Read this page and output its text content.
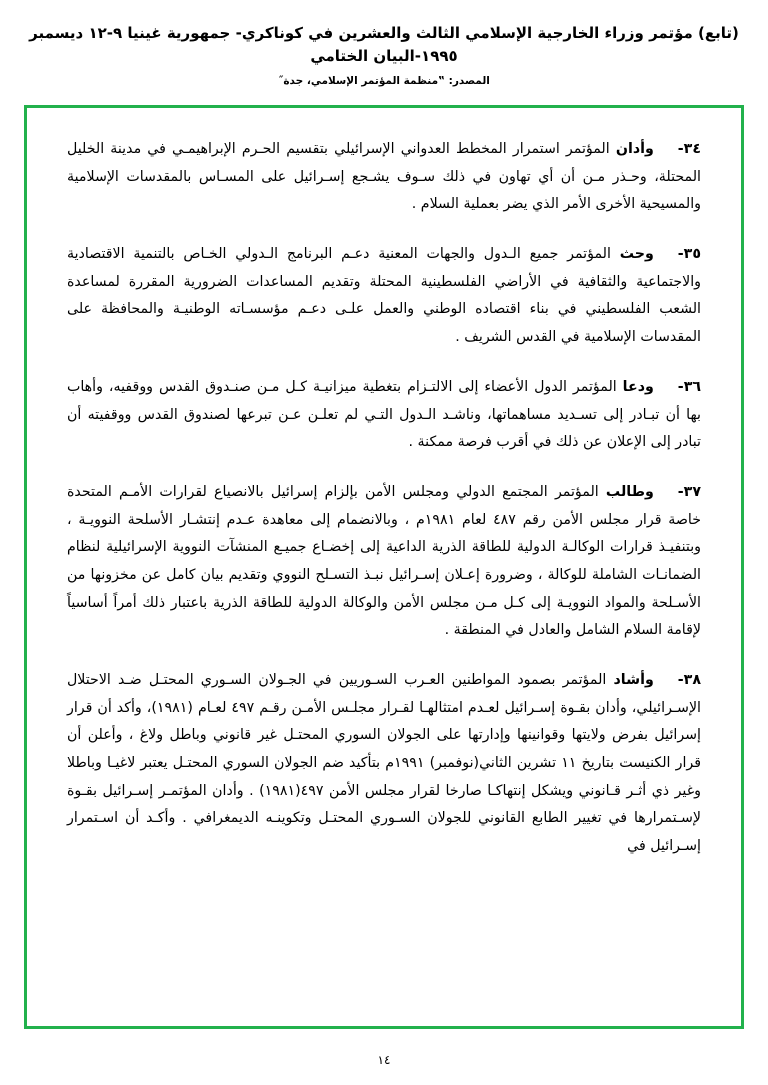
(تابع) مؤتمر وزراء الخارجية الإسلامي الثالث والعشرين في كوناكري- جمهورية غينيا ٩-١٢ ديسمبر ١٩٩٥-البيان الختامي
المصدر: ‟منظمة المؤتمر الإسلامي، جدة˝

٣٤-وأدان المؤتمر استمرار المخطط العدواني الإسرائيلي بتقسيم الحـرم الإبراهيمـي في مدينة الخليل المحتلة، وحـذر مـن أن أي تهاون في ذلك سـوف يشـجع إسـرائيل على المسـاس بالمقدسات الإسلامية والمسيحية الأخرى الأمر الذي يضر بعملية السلام .

٣٥-وحث المؤتمر جميع الـدول والجهات المعنية دعـم البرنامج الـدولي الخـاص بالتنمية الاقتصادية والاجتماعية والثقافية في الأراضي الفلسطينية المحتلة وتقديم المساعدات الضرورية المقررة لمساعدة الشعب الفلسطيني في بناء اقتصاده الوطني والعمل علـى دعـم مؤسسـاته الوطنيـة والمحافظة على المقدسات الإسلامية في القدس الشريف .

٣٦-ودعا المؤتمر الدول الأعضاء إلى الالتـزام بتغطية ميزانيـة كـل مـن صنـدوق القدس ووقفيه، وأهاب بها أن تبـادر إلى تسـديد مساهماتها، وناشـد الـدول التـي لم تعلـن عـن تبرعها لصندوق القدس ووقفيته أن تبادر إلى الإعلان عن ذلك في أقرب فرصة ممكنة .

٣٧-وطالب المؤتمر المجتمع الدولي ومجلس الأمن بإلزام إسرائيل بالانصياع لقرارات الأمـم المتحدة خاصة قرار مجلس الأمن رقم ٤٨٧ لعام ١٩٨١م ، وبالانضمام إلى معاهدة عـدم إنتشـار الأسلحة النوويـة ، وبتنفيـذ قرارات الوكالـة الدولية للطاقة الذرية الداعية إلى إخضـاع جميـع المنشآت النووية الإسرائيلية لنظام الضمانـات الشاملة للوكالة ، وضرورة إعـلان إسـرائيل نبـذ التسـلح النووي وتقديم بيان كامل عن مخزونها من الأسـلحة والمواد النوويـة إلى كـل مـن مجلس الأمن والوكالة الدولية للطاقة الذرية باعتبار ذلك أمراً أساسياً لإقامة السلام الشامل والعادل في المنطقة .

٣٨-وأشاد المؤتمر بصمود المواطنين العـرب السـوريين في الجـولان السـوري المحتـل ضـد الاحتلال الإسـرائيلي، وأدان بقـوة إسـرائيل لعـدم امتثالهـا لقـرار مجلـس الأمـن رقـم ٤٩٧ لعـام (١٩٨١)، وأكد أن قرار إسرائيل بفرض ولايتها وقوانينها وإدارتها على الجولان السوري المحتـل غير قانوني وباطل ولاغ ، وأعلن أن قرار الكنيست بتاريخ ١١ تشرين الثاني(نوفمبر) ١٩٩١م بتأكيد ضم الجولان السوري المحتـل يعتبر لاغيـا وباطلا وغير ذي أثـر قـانوني ويشكل إنتهاكـا صارخا لقرار مجلس الأمن ٤٩٧(١٩٨١) . وأدان المؤتمـر إسـرائيل بقـوة لإسـتمرارها في تغيير الطابع القانوني للجولان السـوري المحتـل وتكوينـه الديمغرافي . وأكـد أن اسـتمرار إسـرائيل في

١٤
